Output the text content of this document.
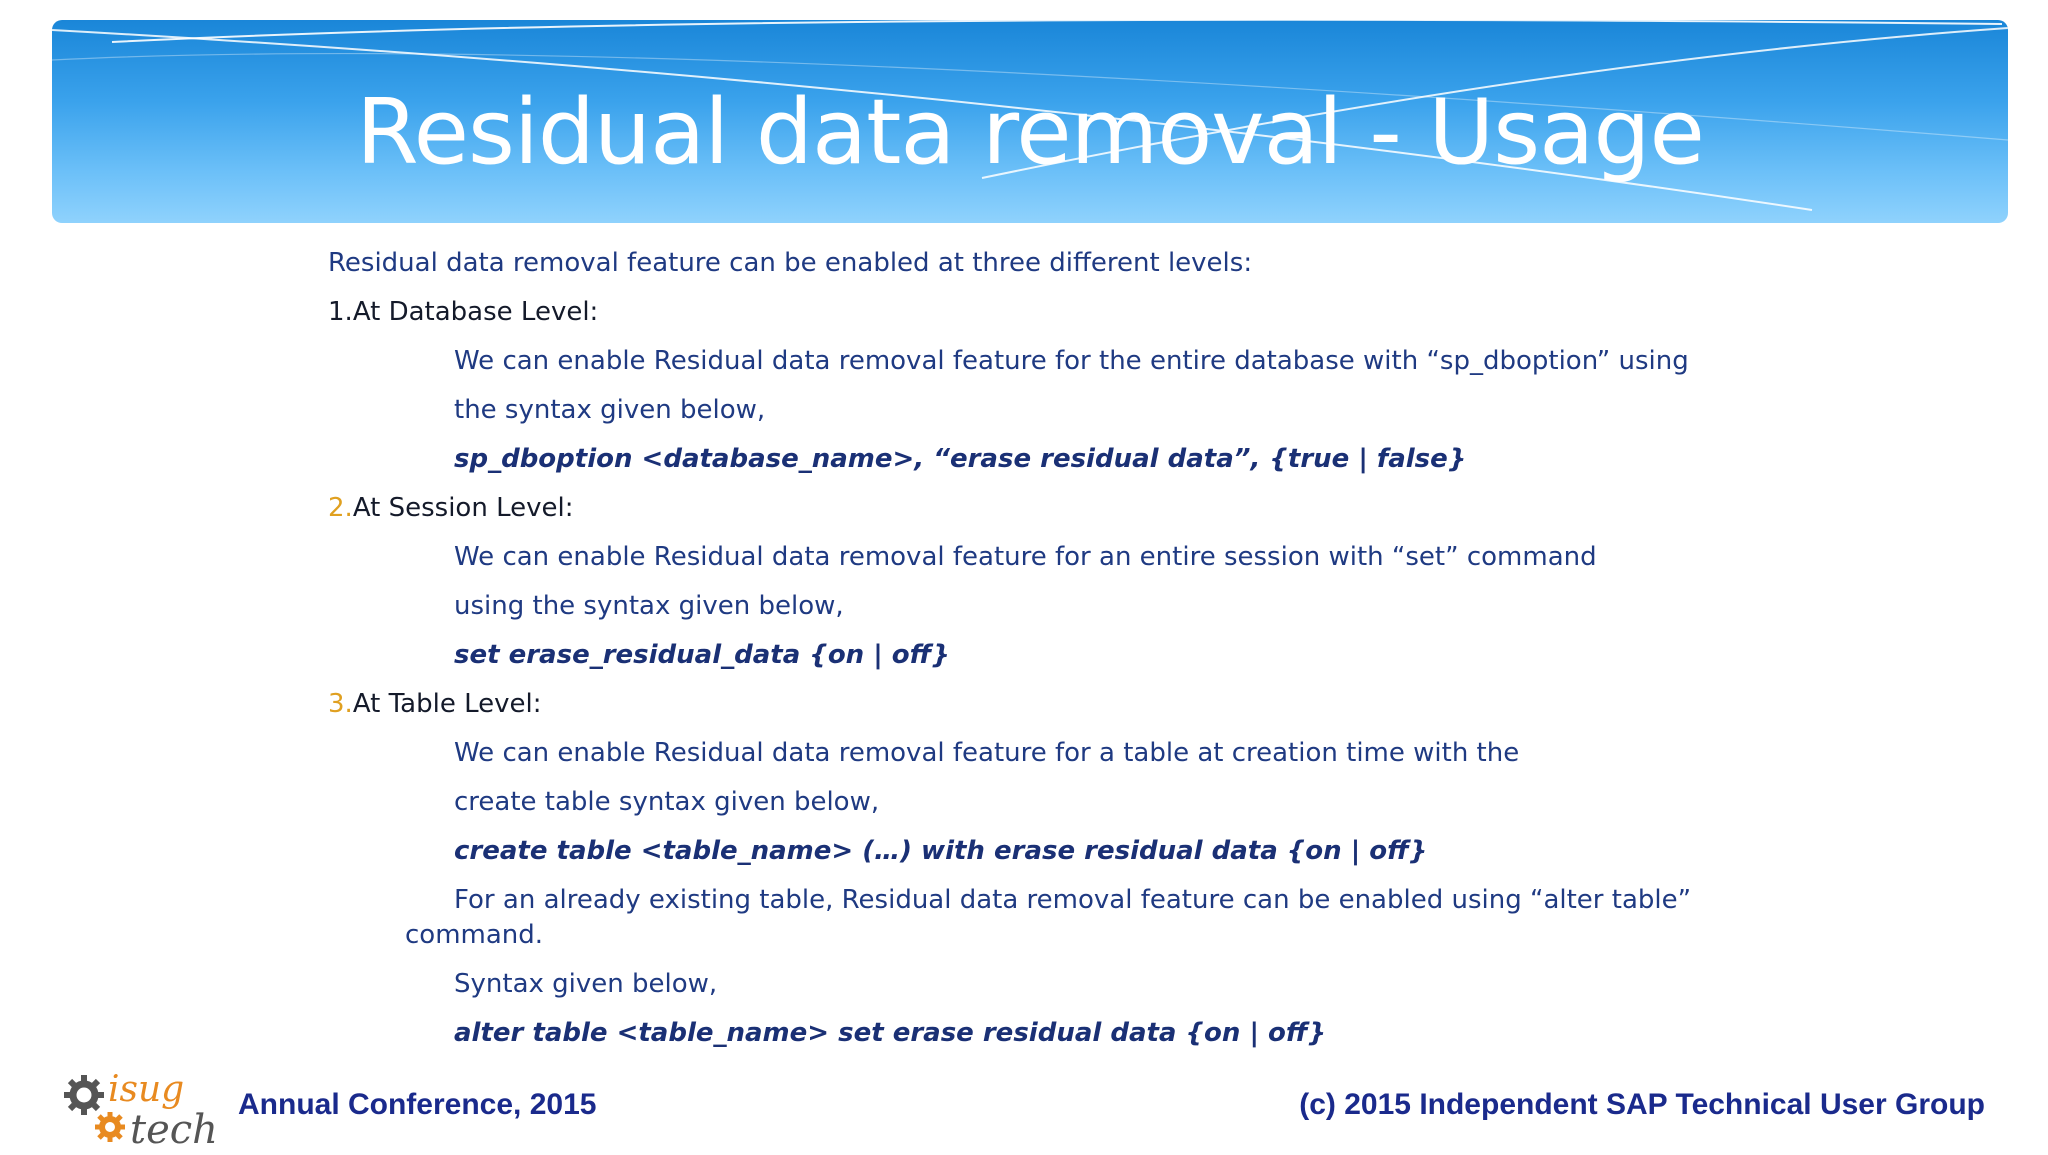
Residual data removal - Usage
Residual data removal feature can be enabled at three different levels:
1.At Database Level:
We can enable Residual data removal feature for the entire database with “sp_dboption” using
the syntax given below,
sp_dboption <database_name>, “erase residual data”, {true | false}
2.At Session Level:
We can enable Residual data removal feature for an entire session with “set” command
using the syntax given below,
set erase_residual_data {on | off}
3.At Table Level:
We can enable Residual data removal feature for a table at creation time with the
create table syntax given below,
create table <table_name> (…) with erase residual data {on | off}
For an already existing table, Residual data removal feature can be enabled using “alter table”
command.
Syntax given below,
alter table <table_name> set erase residual data {on | off}
isug
tech
Annual Conference, 2015	(c) 2015 Independent SAP Technical User Group
